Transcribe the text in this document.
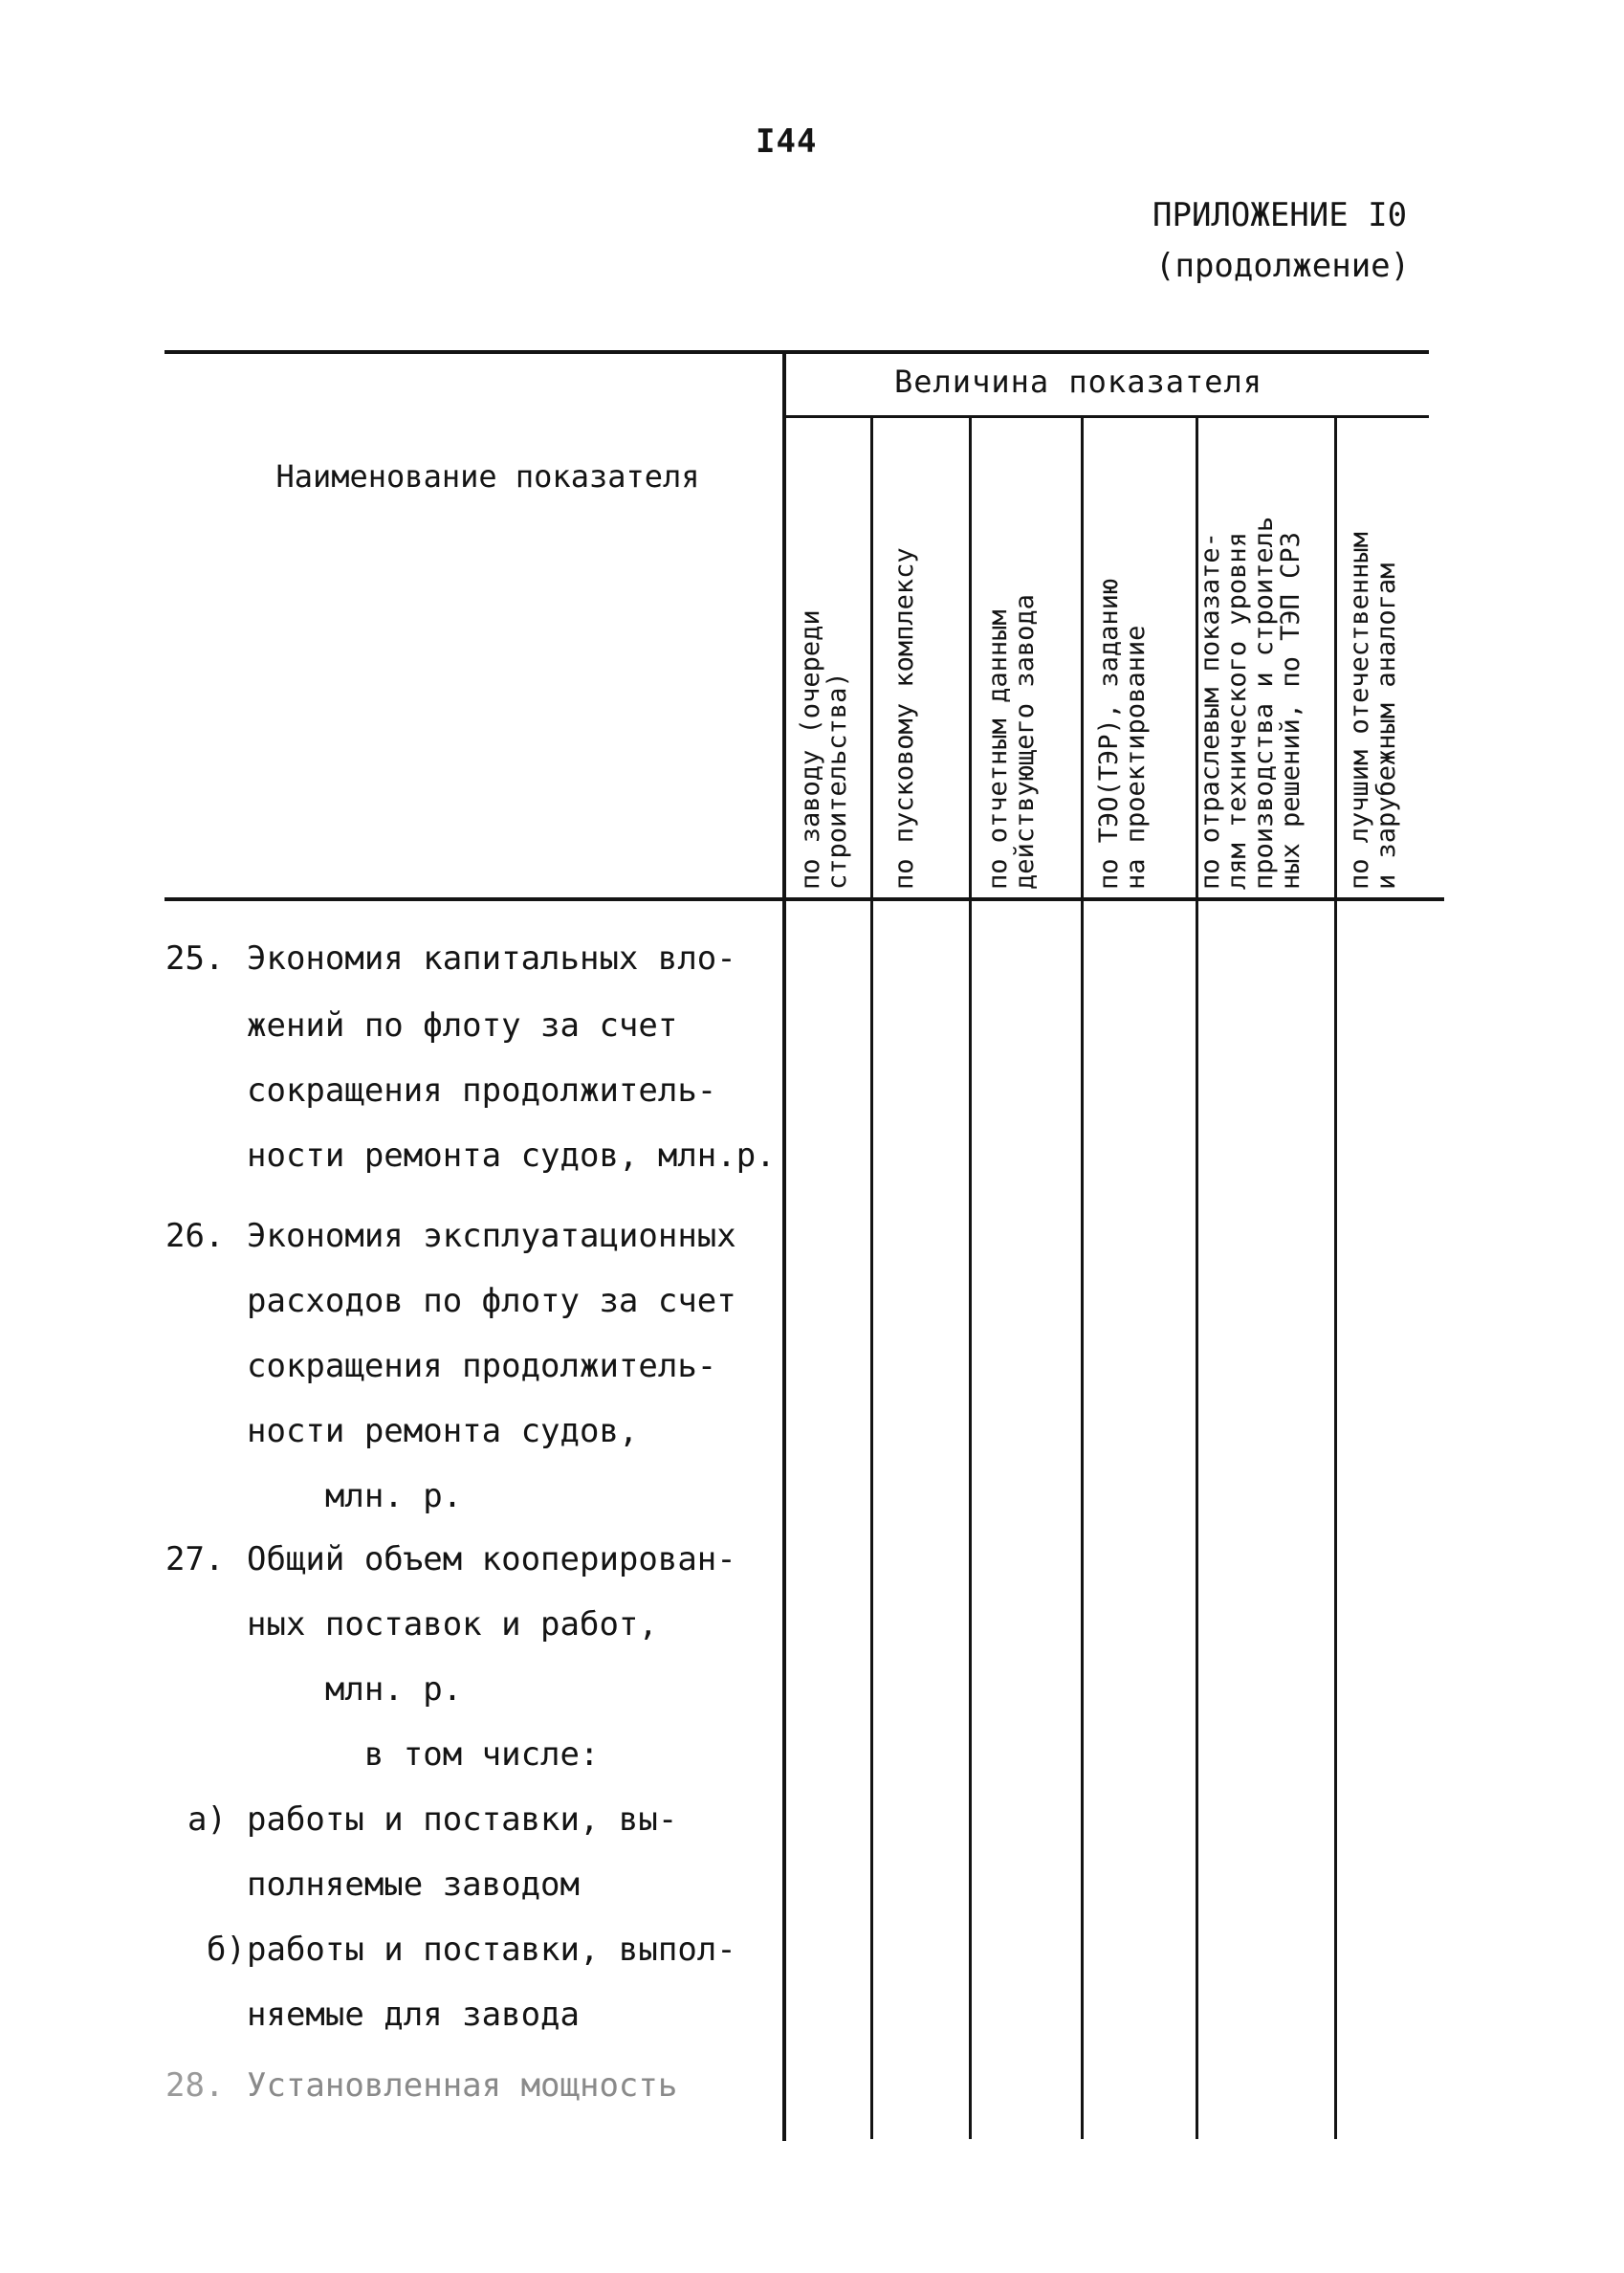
I44
ПРИЛОЖЕНИЕ I0
(продолжение)
Величина показателя
Наименование показателя
по заводу (очереди
строительства) по пусковому комплексу по отчетным данным
действующего завода
по ТЭО(ТЭР), заданию
на проектирование
по отраслевым показате-
лям технического уровня
производства и строитель
ных решений, по ТЭП СРЗ
по лучшим отечественным
и зарубежным аналогам
25. Экономия капитальных вло-
жений по флоту за счет
сокращения продолжитель-
ности ремонта судов, млн.р.
26. Экономия эксплуатационных
расходов по флоту за счет
сокращения продолжитель-
ности ремонта судов,
млн. р.
27. Общий объем кооперирован-
ных поставок и работ,
млн. р.
в том числе:
а) работы и поставки, вы-
полняемые заводом
б) работы и поставки, выпол-
няемые для завода
28. Установленная мощность
